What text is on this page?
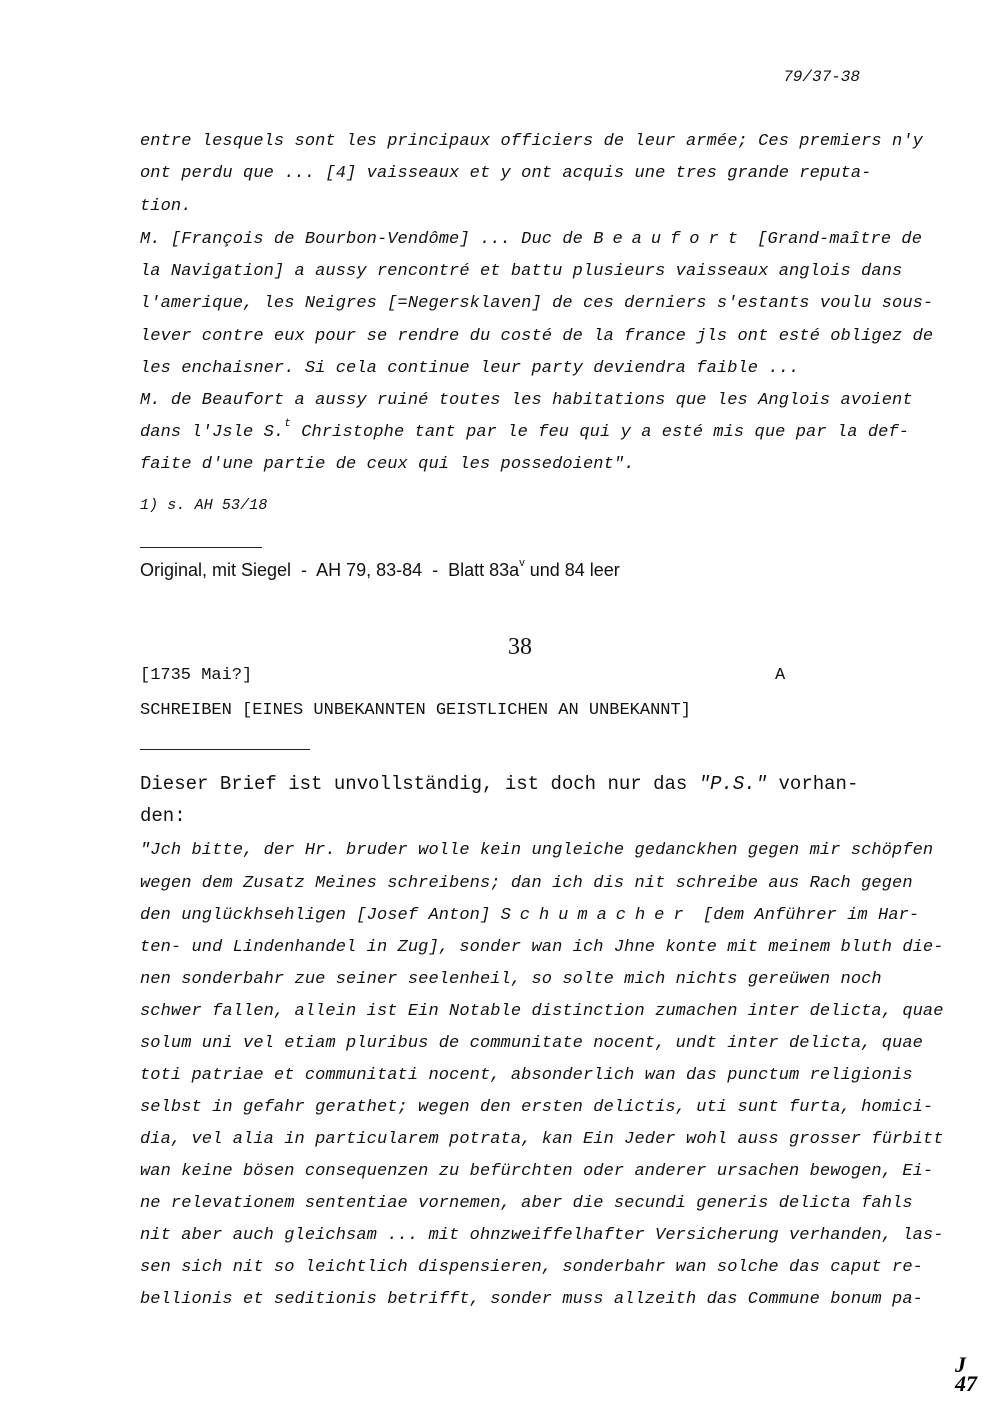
79/37-38
entre lesquels sont les principaux officiers de leur armée; Ces premiers n'y
ont perdu que ... [4] vaisseaux et y ont acquis une tres grande reputa-
tion.
M. [François de Bourbon-Vendôme] ... Duc de Beaufort [Grand-maître de
la Navigation] a aussy rencontré et battu plusieurs vaisseaux anglois dans
l'amerique, les Neigres [=Negersklaven] de ces derniers s'estants voulu sous-
lever contre eux pour se rendre du costé de la france jls ont esté obligez de
les enchaisner. Si cela continue leur party deviendra faible ...
M. de Beaufort a aussy ruiné toutes les habitations que les Anglois avoient
dans l'Jsle S.$^t$ Christophe tant par le feu qui y a esté mis que par la def-
faite d'une partie de ceux qui les possedoient".
1) s. AH 53/18
Original, mit Siegel  -  AH 79, 83-84  -  Blatt $83a^v$ und 84 leer
38
[1735 Mai?]	A
SCHREIBEN [EINES UNBEKANNTEN GEISTLICHEN AN UNBEKANNT]
Dieser Brief ist unvollständig, ist doch nur das "P.S." vorhan-
den:
"Jch bitte, der Hr. bruder wolle kein ungleiche gedanckhen gegen mir schöpfen
wegen dem Zusatz Meines schreibens; dan ich dis nit schreibe aus Rach gegen
den unglückhsehligen [Josef Anton] Schumacher [dem Anführer im Har-
ten- und Lindenhandel in Zug], sonder wan ich Jhne konte mit meinem bluth die-
nen sonderbahr zue seiner seelenheil, so solte mich nichts gereüwen noch
schwer fallen, allein ist Ein Notable distinction zumachen inter delicta, quae
solum uni vel etiam pluribus de communitate nocent, undt inter delicta, quae
toti patriae et communitati nocent, absonderlich wan das punctum religionis
selbst in gefahr gerathet; wegen den ersten delictis, uti sunt furta, homici-
dia, vel alia in particularem potrata, kan Ein Jeder wohl auss grosser fürbitt
wan keine bösen consequenzen zu befürchten oder anderer ursachen bewogen, Ei-
ne relevationem sententiae vornemen, aber die secundi generis delicta fahls
nit aber auch gleichsam ... mit ohnzweiffelhafter Versicherung verhanden, las-
sen sich nit so leichtlich dispensieren, sonderbahr wan solche das caput re-
bellionis et seditionis betrifft, sonder muss allzeith das Commune bonum pa-
J
47
